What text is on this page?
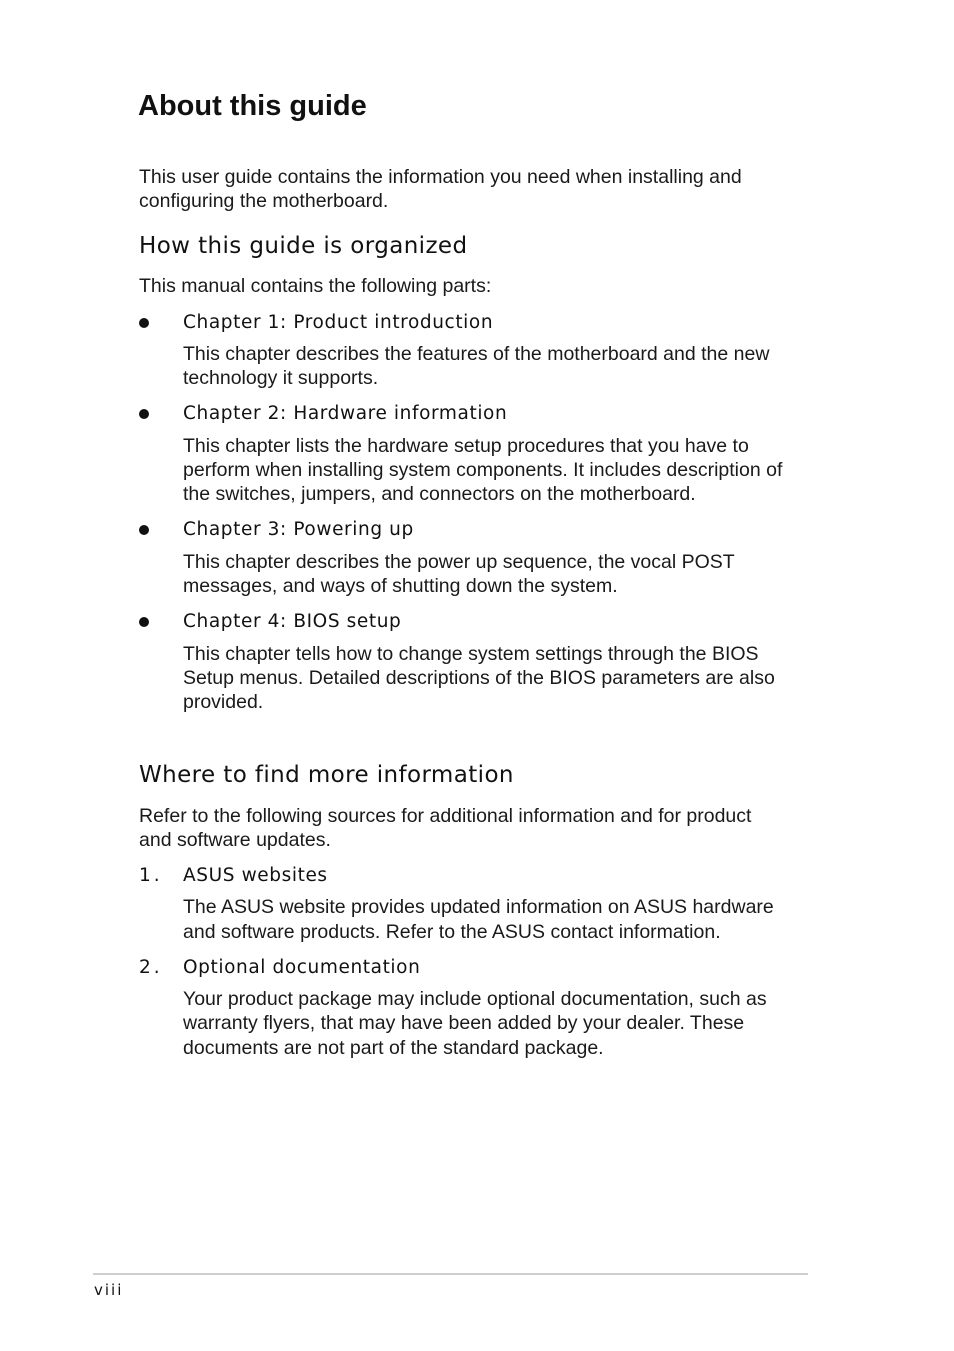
About this guide

This user guide contains the information you need when installing and

configuring the motherboard.

How this guide is organized

This manual contains the following parts:

Chapter 1: Product introduction

This chapter describes the features of the motherboard and the new

technology it supports.

Chapter 2: Hardware information

This chapter lists the hardware setup procedures that you have to

perform when installing system components. It includes description of

the switches, jumpers, and connectors on the motherboard.

Chapter 3: Powering up

This chapter describes the power up sequence, the vocal POST

messages, and ways of shutting down the system.

Chapter 4: BIOS setup

This chapter tells how to change system settings through the BIOS

Setup menus. Detailed descriptions of the BIOS parameters are also

provided.

Where to find more information

Refer to the following sources for additional information and for product

and software updates.

1. ASUS websites

The ASUS website provides updated information on ASUS hardware

and software products. Refer to the ASUS contact information.

2. Optional documentation

Your product package may include optional documentation, such as

warranty flyers, that may have been added by your dealer. These

documents are not part of the standard package.

viii
